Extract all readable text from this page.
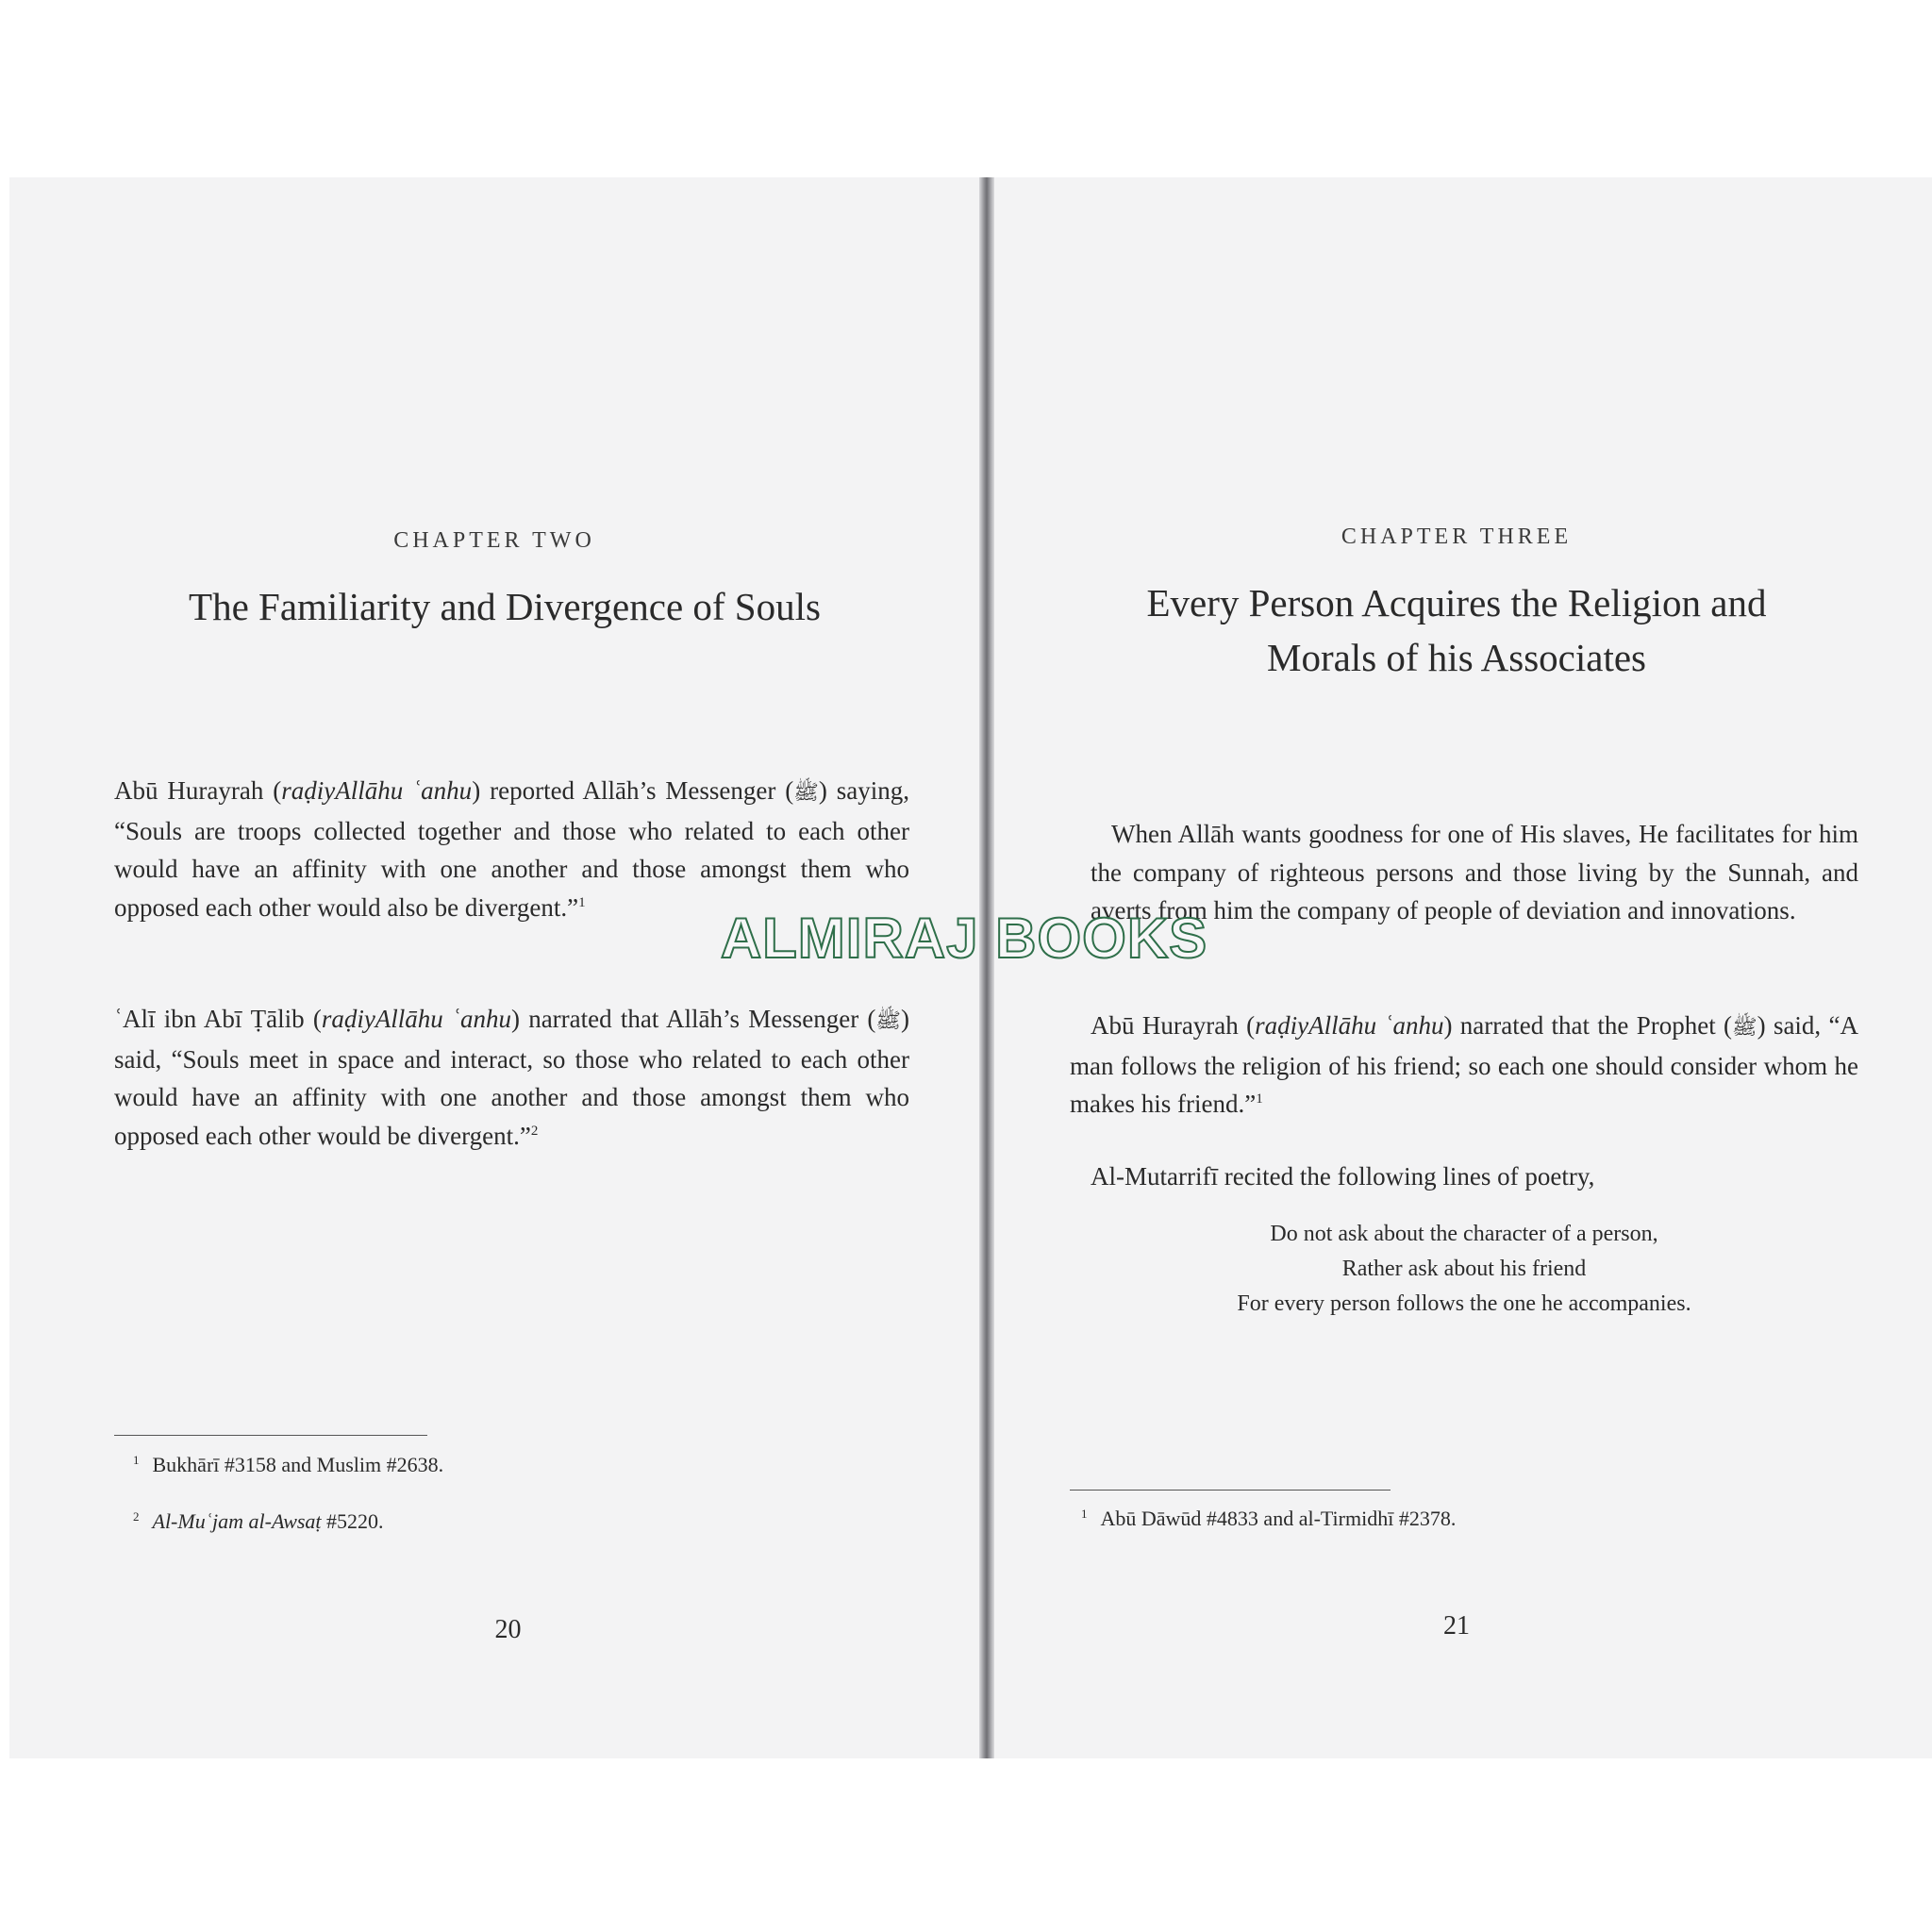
CHAPTER TWO
The Familiarity and Divergence of Souls

Abū Hurayrah (raḍiyAllāhu ʿanhu) reported Allāh’s Messenger (ﷺ) saying, “Souls are troops collected together and those who related to each other would have an affinity with one another and those amongst them who opposed each other would also be divergent.”$^1$

ʿAlī ibn Abī Ṭālib (raḍiyAllāhu ʿanhu) narrated that Allāh’s Messenger (ﷺ) said, “Souls meet in space and interact, so those who related to each other would have an affinity with one another and those amongst them who opposed each other would be divergent.”$^2$

$^1$ Bukhārī #3158 and Muslim #2638.
$^2$ Al-Muʿjam al-Awsaṭ #5220.
20
CHAPTER THREE
Every Person Acquires the Religion and
Morals of his Associates

When Allāh wants goodness for one of His slaves, He facilitates for him the company of righteous persons and those living by the Sunnah, and averts from him the company of people of deviation and innovations.

Abū Hurayrah (raḍiyAllāhu ʿanhu) narrated that the Prophet (ﷺ) said, “A man follows the religion of his friend; so each one should consider whom he makes his friend.”$^1$

Al-Mutarrifī recited the following lines of poetry,

Do not ask about the character of a person,
Rather ask about his friend
For every person follows the one he accompanies.
$^1$ Abū Dāwūd #4833 and al-Tirmidhī #2378.
21
ALMIRAJ BOOKS
